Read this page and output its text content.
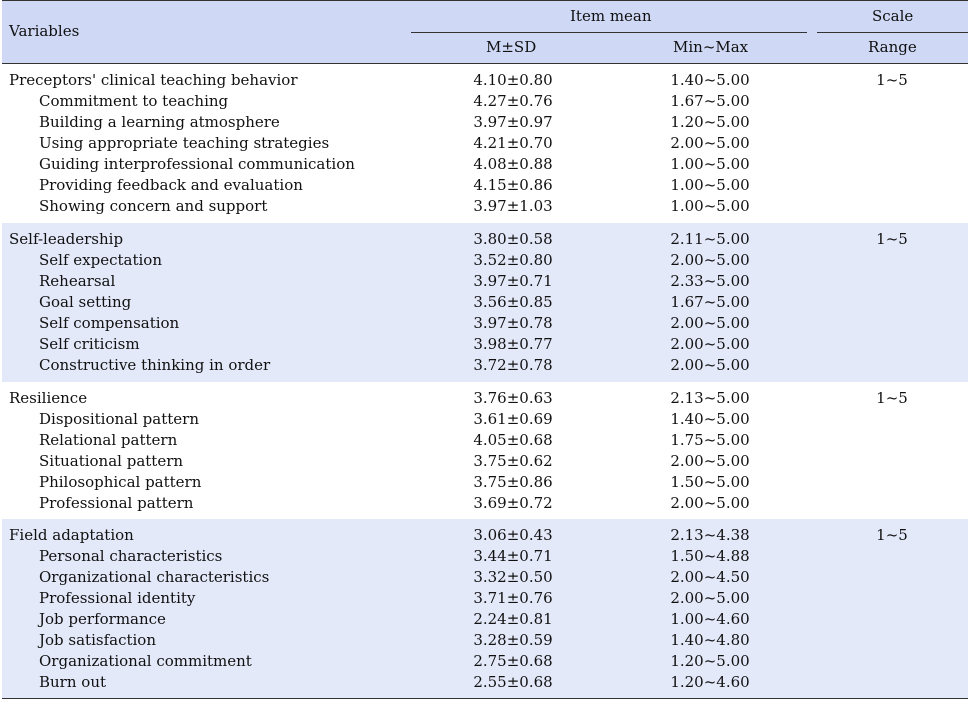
Variables
Item mean	Scale
M±SD	Min~Max	Range
Preceptors' clinical teaching behavior	4.10±0.80	1.40~5.00	1~5
Commitment to teaching	4.27±0.76	1.67~5.00
Building a learning atmosphere	3.97±0.97	1.20~5.00
Using appropriate teaching strategies	4.21±0.70	2.00~5.00
Guiding interprofessional communication	4.08±0.88	1.00~5.00
Providing feedback and evaluation	4.15±0.86	1.00~5.00
Showing concern and support	3.97±1.03	1.00~5.00
Self-leadership	3.80±0.58	2.11~5.00	1~5
Self expectation	3.52±0.80	2.00~5.00
Rehearsal	3.97±0.71	2.33~5.00
Goal setting	3.56±0.85	1.67~5.00
Self compensation	3.97±0.78	2.00~5.00
Self criticism	3.98±0.77	2.00~5.00
Constructive thinking in order	3.72±0.78	2.00~5.00
Resilience	3.76±0.63	2.13~5.00	1~5
Dispositional pattern	3.61±0.69	1.40~5.00
Relational pattern	4.05±0.68	1.75~5.00
Situational pattern	3.75±0.62	2.00~5.00
Philosophical pattern	3.75±0.86	1.50~5.00
Professional pattern	3.69±0.72	2.00~5.00
Field adaptation	3.06±0.43	2.13~4.38	1~5
Personal characteristics	3.44±0.71	1.50~4.88
Organizational characteristics	3.32±0.50	2.00~4.50
Professional identity	3.71±0.76	2.00~5.00
Job performance	2.24±0.81	1.00~4.60
Job satisfaction	3.28±0.59	1.40~4.80
Organizational commitment	2.75±0.68	1.20~5.00
Burn out	2.55±0.68	1.20~4.60
